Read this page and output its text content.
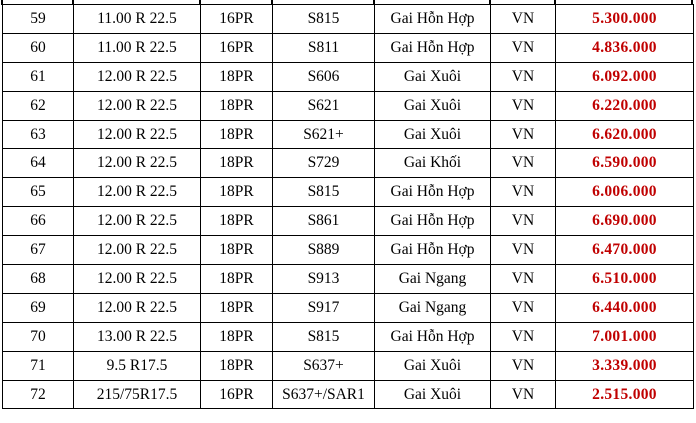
59	11.00 R 22.5	16PR	S815	Gai Hỗn Hợp	VN	5.300.000
60	11.00 R 22.5	16PR	S811	Gai Hỗn Hợp	VN	4.836.000
61	12.00 R 22.5	18PR	S606	Gai Xuôi	VN	6.092.000
62	12.00 R 22.5	18PR	S621	Gai Xuôi	VN	6.220.000
63	12.00 R 22.5	18PR	S621+	Gai Xuôi	VN	6.620.000
64	12.00 R 22.5	18PR	S729	Gai Khối	VN	6.590.000
65	12.00 R 22.5	18PR	S815	Gai Hỗn Hợp	VN	6.006.000
66	12.00 R 22.5	18PR	S861	Gai Hỗn Hợp	VN	6.690.000
67	12.00 R 22.5	18PR	S889	Gai Hỗn Hợp	VN	6.470.000
68	12.00 R 22.5	18PR	S913	Gai Ngang	VN	6.510.000
69	12.00 R 22.5	18PR	S917	Gai Ngang	VN	6.440.000
70	13.00 R 22.5	18PR	S815	Gai Hỗn Hợp	VN	7.001.000
71	9.5 R17.5	18PR	S637+	Gai Xuôi	VN	3.339.000
72	215/75R17.5	16PR	S637+/SAR1	Gai Xuôi	VN	2.515.000
